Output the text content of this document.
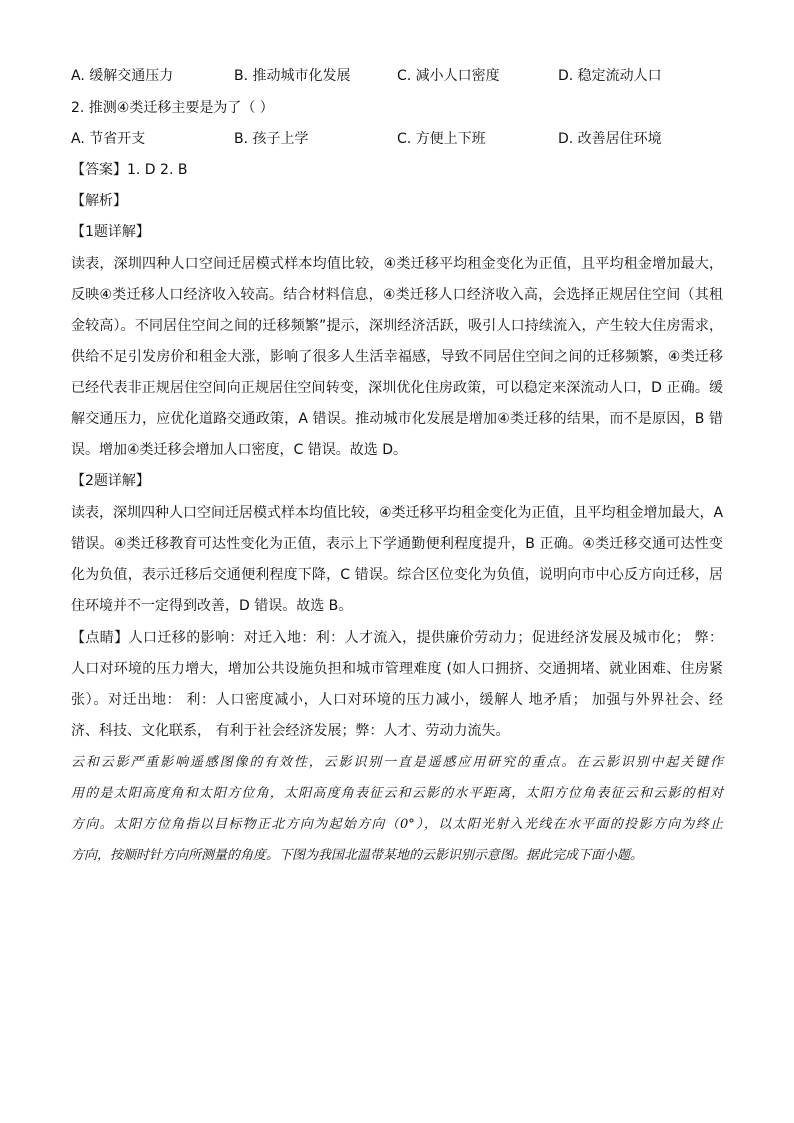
A. 缓解交通压力	B. 推动城市化发展	C. 减小人口密度	D. 稳定流动人口
2. 推测④类迁移主要是为了（ ）
A. 节省开支	B. 孩子上学	C. 方便上下班	D. 改善居住环境
【答案】1. D 2. B
【解析】
【1题详解】
读表，深圳四种人口空间迁居模式样本均值比较，④类迁移平均租金变化为正值，且平均租金增加最大，
反映④类迁移人口经济收入较高。结合材料信息，④类迁移人口经济收入高，会选择正规居住空间（其租
金较高）。不同居住空间之间的迁移频繁”提示，深圳经济活跃，吸引人口持续流入，产生较大住房需求，
供给不足引发房价和租金大涨，影响了很多人生活幸福感，导致不同居住空间之间的迁移频繁，④类迁移
已经代表非正规居住空间向正规居住空间转变，深圳优化住房政策，可以稳定来深流动人口，D 正确。缓
解交通压力，应优化道路交通政策，A 错误。推动城市化发展是增加④类迁移的结果，而不是原因，B 错
误。增加④类迁移会增加人口密度，C 错误。故选 D。
【2题详解】
读表，深圳四种人口空间迁居模式样本均值比较，④类迁移平均租金变化为正值，且平均租金增加最大，A
错误。④类迁移教育可达性变化为正值，表示上下学通勤便利程度提升，B 正确。④类迁移交通可达性变
化为负值，表示迁移后交通便利程度下降，C 错误。综合区位变化为负值，说明向市中心反方向迁移，居
住环境并不一定得到改善，D 错误。故选 B。
【点睛】人口迁移的影响：对迁入地：利：人才流入，提供廉价劳动力；促进经济发展及城市化； 弊：
人口对环境的压力增大，增加公共设施负担和城市管理难度 (如人口拥挤、交通拥堵、就业困难、住房紧
张）。对迁出地： 利：人口密度减小，人口对环境的压力减小，缓解人 地矛盾； 加强与外界社会、经
济、科技、文化联系， 有利于社会经济发展；弊：人才、劳动力流失。
云和云影严重影响遥感图像的有效性，云影识别一直是遥感应用研究的重点。在云影识别中起关键作
用的是太阳高度角和太阳方位角，太阳高度角表征云和云影的水平距离，太阳方位角表征云和云影的相对
方向。太阳方位角指以目标物正北方向为起始方向（0°），以太阳光射入光线在水平面的投影方向为终止
方向，按顺时针方向所测量的角度。下图为我国北温带某地的云影识别示意图。据此完成下面小题。
